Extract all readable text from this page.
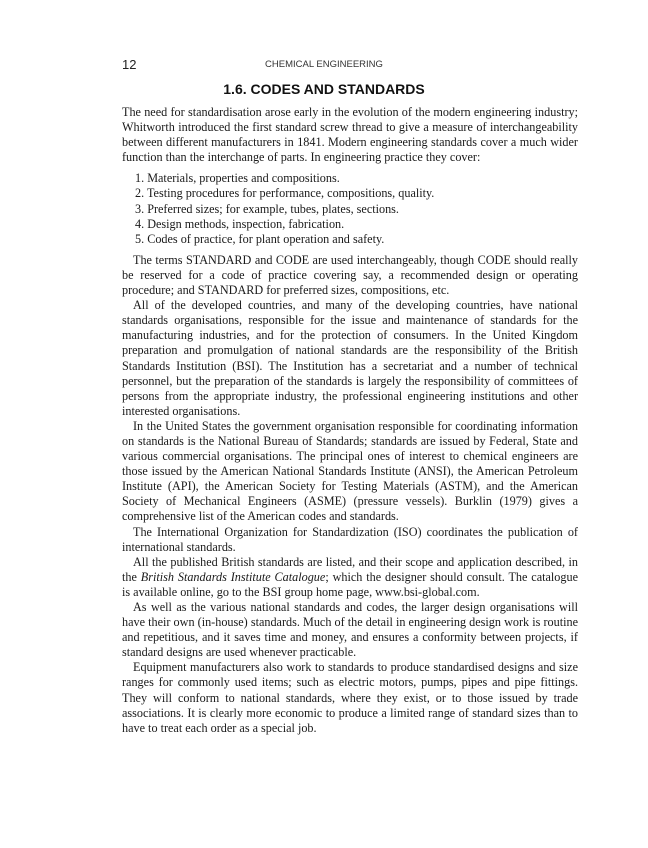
12	CHEMICAL ENGINEERING
1.6. CODES AND STANDARDS

The need for standardisation arose early in the evolution of the modern engineering industry; Whitworth introduced the first standard screw thread to give a measure of interchangeability between different manufacturers in 1841. Modern engineering standards cover a much wider function than the interchange of parts. In engineering practice they cover:

1. Materials, properties and compositions.
2. Testing procedures for performance, compositions, quality.
3. Preferred sizes; for example, tubes, plates, sections.
4. Design methods, inspection, fabrication.
5. Codes of practice, for plant operation and safety.

The terms STANDARD and CODE are used interchangeably, though CODE should really be reserved for a code of practice covering say, a recommended design or operating procedure; and STANDARD for preferred sizes, compositions, etc.

All of the developed countries, and many of the developing countries, have national standards organisations, responsible for the issue and maintenance of standards for the manufacturing industries, and for the protection of consumers. In the United Kingdom preparation and promulgation of national standards are the responsibility of the British Standards Institution (BSI). The Institution has a secretariat and a number of technical personnel, but the preparation of the standards is largely the responsibility of committees of persons from the appropriate industry, the professional engineering institutions and other interested organisations.

In the United States the government organisation responsible for coordinating information on standards is the National Bureau of Standards; standards are issued by Federal, State and various commercial organisations. The principal ones of interest to chemical engineers are those issued by the American National Standards Institute (ANSI), the American Petroleum Institute (API), the American Society for Testing Materials (ASTM), and the American Society of Mechanical Engineers (ASME) (pressure vessels). Burklin (1979) gives a comprehensive list of the American codes and standards.

The International Organization for Standardization (ISO) coordinates the publication of international standards.

All the published British standards are listed, and their scope and application described, in the British Standards Institute Catalogue; which the designer should consult. The catalogue is available online, go to the BSI group home page, www.bsi-global.com.

As well as the various national standards and codes, the larger design organisations will have their own (in-house) standards. Much of the detail in engineering design work is routine and repetitious, and it saves time and money, and ensures a conformity between projects, if standard designs are used whenever practicable.

Equipment manufacturers also work to standards to produce standardised designs and size ranges for commonly used items; such as electric motors, pumps, pipes and pipe fittings. They will conform to national standards, where they exist, or to those issued by trade associations. It is clearly more economic to produce a limited range of standard sizes than to have to treat each order as a special job.
